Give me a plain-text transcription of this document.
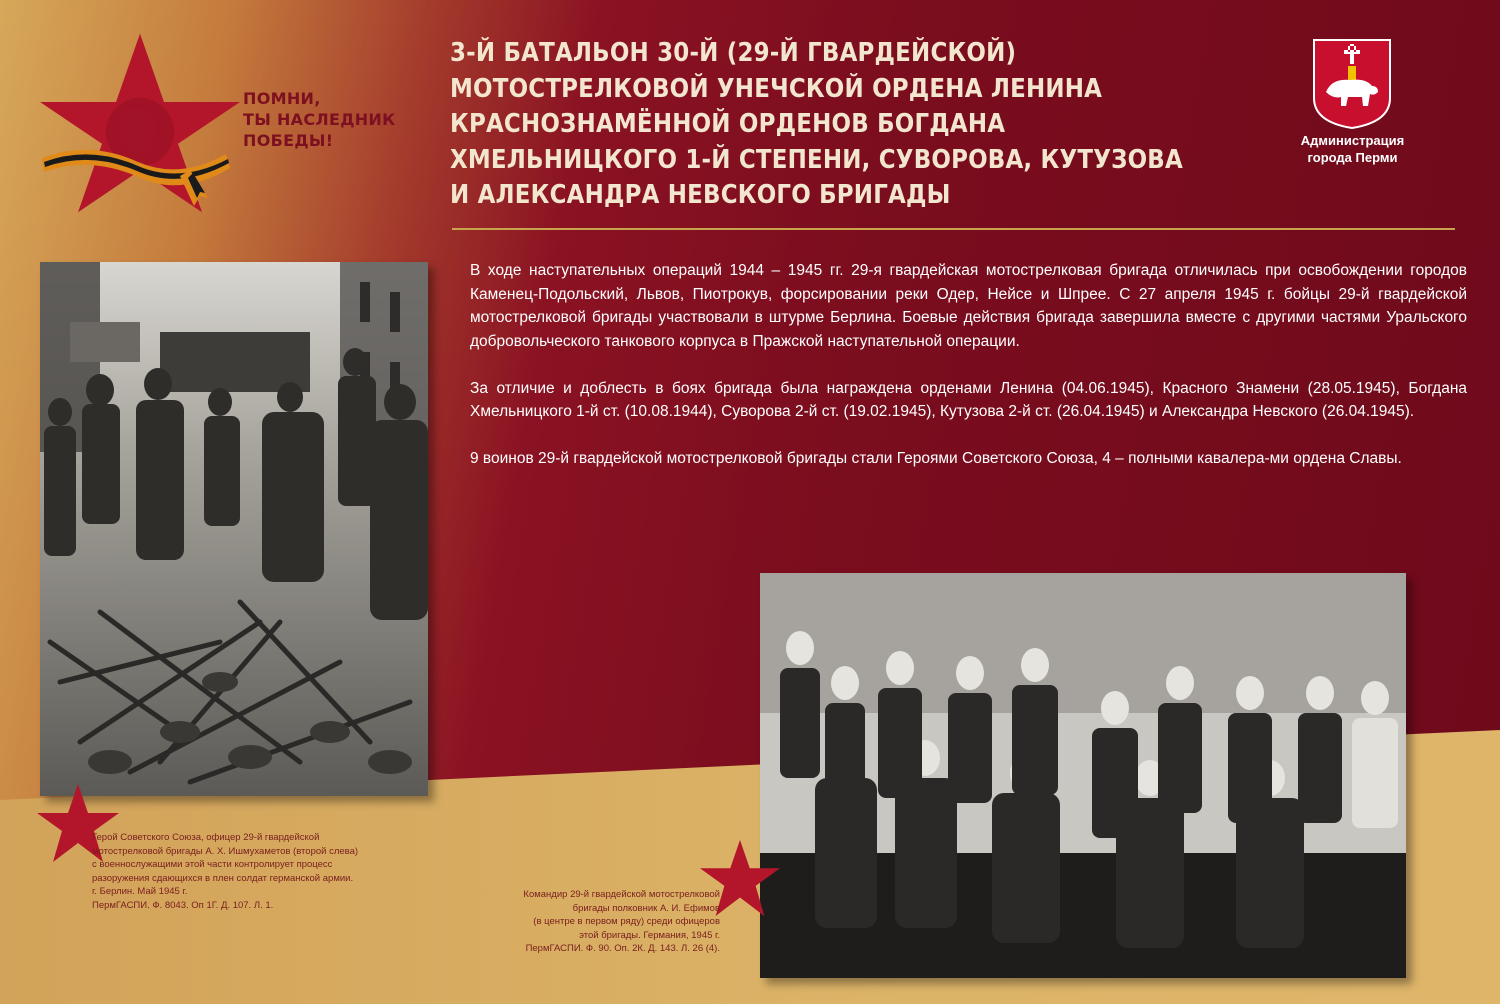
ПОМНИ,
ТЫ НАСЛЕДНИК
ПОБЕДЫ!
3-Й БАТАЛЬОН 30-Й (29-Й ГВАРДЕЙСКОЙ)
МОТОСТРЕЛКОВОЙ УНЕЧСКОЙ ОРДЕНА ЛЕНИНА
КРАСНОЗНАМЁННОЙ ОРДЕНОВ БОГДАНА
ХМЕЛЬНИЦКОГО 1-Й СТЕПЕНИ, СУВОРОВА, КУТУЗОВА
И АЛЕКСАНДРА НЕВСКОГО БРИГАДЫ
Администрация
города Перми

В ходе наступательных операций 1944 – 1945 гг. 29-я гвардейская мотострелковая бригада отличилась при освобождении городов Каменец-Подольский, Львов, Пиотрокув, форсировании реки Одер, Нейсе и Шпрее. С 27 апреля 1945 г. бойцы 29-й гвардейской мотострелковой бригады участвовали в штурме Берлина. Боевые действия бригада завершила вместе с другими частями Уральского добровольческого танкового корпуса в Пражской наступательной операции.

За отличие и доблесть в боях бригада была награждена орденами Ленина (04.06.1945), Красного Знамени (28.05.1945), Богдана Хмельницкого 1-й ст. (10.08.1944), Суворова 2-й ст. (19.02.1945), Кутузова 2-й ст. (26.04.1945) и Александра Невского (26.04.1945).

9 воинов 29-й гвардейской мотострелковой бригады стали Героями Советского Союза, 4 – полными кавалера-ми ордена Славы.

Герой Советского Союза, офицер 29-й гвардейской
мотострелковой бригады А. Х. Ишмухаметов (второй слева)
с военнослужащими этой части контролирует процесс
разоружения сдающихся в плен солдат германской армии.
г. Берлин. Май 1945 г.
ПермГАСПИ. Ф. 8043. Оп 1Г. Д. 107. Л. 1.
Командир 29-й гвардейской мотострелковой
бригады полковник А. И. Ефимов
(в центре в первом ряду) среди офицеров
этой бригады. Германия, 1945 г.
ПермГАСПИ. Ф. 90. Оп. 2К. Д. 143. Л. 26 (4).
